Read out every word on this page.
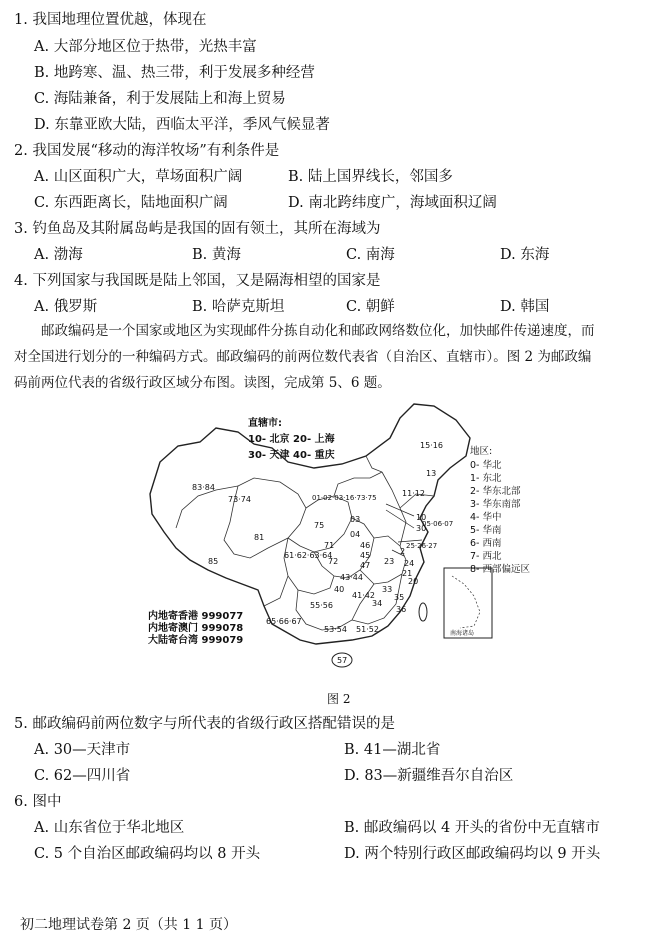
1. 我国地理位置优越，体现在
A. 大部分地区位于热带，光热丰富
B. 地跨寒、温、热三带，利于发展多种经营
C. 海陆兼备，利于发展陆上和海上贸易
D. 东靠亚欧大陆，西临太平洋，季风气候显著
2. 我国发展“移动的海洋牧场”有利条件是
A. 山区面积广大，草场面积广阔	B. 陆上国界线长，邻国多
C. 东西距离长，陆地面积广阔	D. 南北跨纬度广，海域面积辽阔
3. 钓鱼岛及其附属岛屿是我国的固有领土，其所在海域为
A. 渤海	B. 黄海	C. 南海	D. 东海
4. 下列国家与我国既是陆上邻国，又是隔海相望的国家是
A. 俄罗斯	B. 哈萨克斯坦	C. 朝鲜	D. 韩国
邮政编码是一个国家或地区为实现邮件分拣自动化和邮政网络数位化，加快邮件传递速度，而
对全国进行划分的一种编码方式。邮政编码的前两位数代表省（自治区、直辖市）。图 2 为邮政编
码前两位代表的省级行政区域分布图。读图，完成第 5、6 题。
南海诸岛
直辖市:
10- 北京 20- 上海
30- 天津 40- 重庆	地区:
0- 华北
1- 东北
2- 华东北部
3- 华东南部
4- 华中
5- 华南
6- 西南
7- 西北
8- 西部偏远区
内地寄香港 999077
内地寄澳门 999078
大陆寄台湾 999079
83·84
73·74
81
85
15·16
13
11·12
10
30
01·02·03·16·73·75
05·06·07
03
04
75
71
72
46
45
47
2
25·26·27
23 24
21
20
61·62·63·64
43·44
40
41·42
34
33
35
36
55·56
65·66·67
53·54 51·52
57
图 2
5. 邮政编码前两位数字与所代表的省级行政区搭配错误的是
A. 30—天津市	B. 41—湖北省
C. 62—四川省	D. 83—新疆维吾尔自治区
6. 图中
A. 山东省位于华北地区	B. 邮政编码以 4 开头的省份中无直辖市
C. 5 个自治区邮政编码均以 8 开头	D. 两个特别行政区邮政编码均以 9 开头
初二地理试卷第 2 页（共 1 1 页）
